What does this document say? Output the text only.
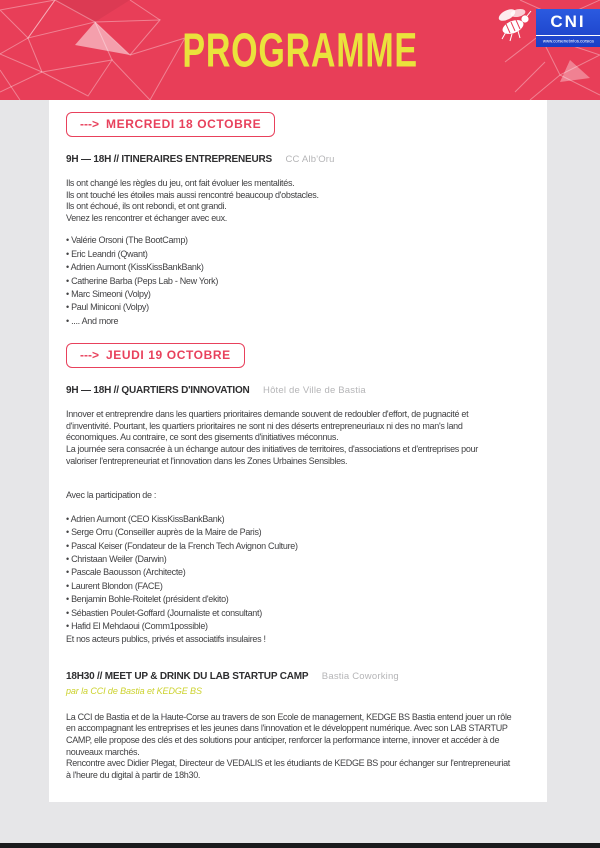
PROGRAMME
CNI
www.corsenetinfos.corsica
---> MERCREDI 18 OCTOBRE
9H — 18H // ITINERAIRES ENTREPRENEURS CC Alb'Oru
Ils ont changé les règles du jeu, ont fait évoluer les mentalités.
Ils ont touché les étoiles mais aussi rencontré beaucoup d'obstacles.
Ils ont échoué, ils ont rebondi, et ont grandi.
Venez les rencontrer et échanger avec eux.
• Valérie Orsoni (The BootCamp)
• Eric Leandri (Qwant)
• Adrien Aumont (KissKissBankBank)
• Catherine Barba (Peps Lab - New York)
• Marc Simeoni (Volpy)
• Paul Miniconi (Volpy)
• .... And more
---> JEUDI 19 OCTOBRE
9H — 18H // QUARTIERS D'INNOVATION Hôtel de Ville de Bastia
Innover et entreprendre dans les quartiers prioritaires demande souvent de redoubler d'effort, de pugnacité et
d'inventivité. Pourtant, les quartiers prioritaires ne sont ni des déserts entrepreneuriaux ni des no man's land
économiques. Au contraire, ce sont des gisements d'initiatives méconnus.
La journée sera consacrée à un échange autour des initiatives de territoires, d'associations et d'entreprises pour
valoriser l'entrepreneuriat et l'innovation dans les Zones Urbaines Sensibles.
Avec la participation de :
• Adrien Aumont (CEO KissKissBankBank)
• Serge Orru (Conseiller auprès de la Maire de Paris)
• Pascal Keiser (Fondateur de la French Tech Avignon Culture)
• Christaan Weiler (Darwin)
• Pascale Baousson (Architecte)
• Laurent Blondon (FACE)
• Benjamin Bohle-Roitelet (président d'ekito)
• Sébastien Poulet-Goffard (Journaliste et consultant)
• Hafid El Mehdaoui (Comm1possible)
Et nos acteurs publics, privés et associatifs insulaires !
18H30 // MEET UP & DRINK DU LAB STARTUP CAMP Bastia Coworking
par la CCI de Bastia et KEDGE BS
La CCI de Bastia et de la Haute-Corse au travers de son Ecole de management, KEDGE BS Bastia entend jouer un rôle
en accompagnant les entreprises et les jeunes dans l'innovation et le développent numérique. Avec son LAB STARTUP
CAMP, elle propose des clés et des solutions pour anticiper, renforcer la performance interne, innover et accéder à de
nouveaux marchés.
Rencontre avec Didier Plegat, Directeur de VEDALIS et les étudiants de KEDGE BS pour échanger sur l'entrepreneuriat
à l'heure du digital à partir de 18h30.
